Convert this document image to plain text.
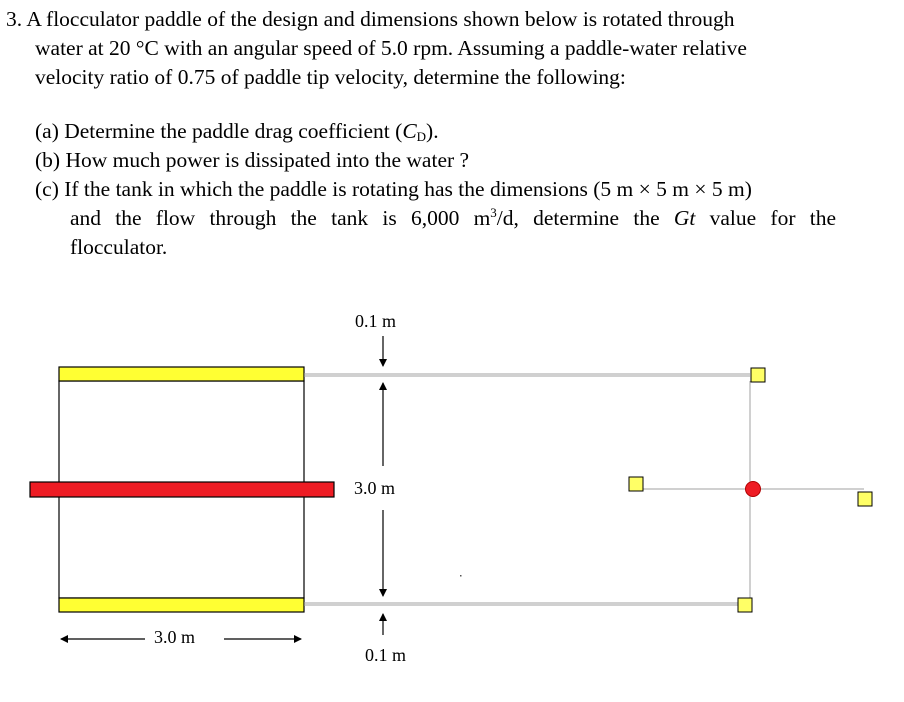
3. A flocculator paddle of the design and dimensions shown below is rotated through
water at 20 °C with an angular speed of 5.0 rpm. Assuming a paddle-water relative
velocity ratio of 0.75 of paddle tip velocity, determine the following:
(a) Determine the paddle drag coefficient $(C_D)$.
(b) How much power is dissipated into the water ?
(c) If the tank in which the paddle is rotating has the dimensions (5 m × 5 m × 5 m)
and the flow through the tank is 6,000 $m^3/d$, determine the Gt value for the
flocculator.
0.1 m
3.0 m
3.0 m
0.1 m
